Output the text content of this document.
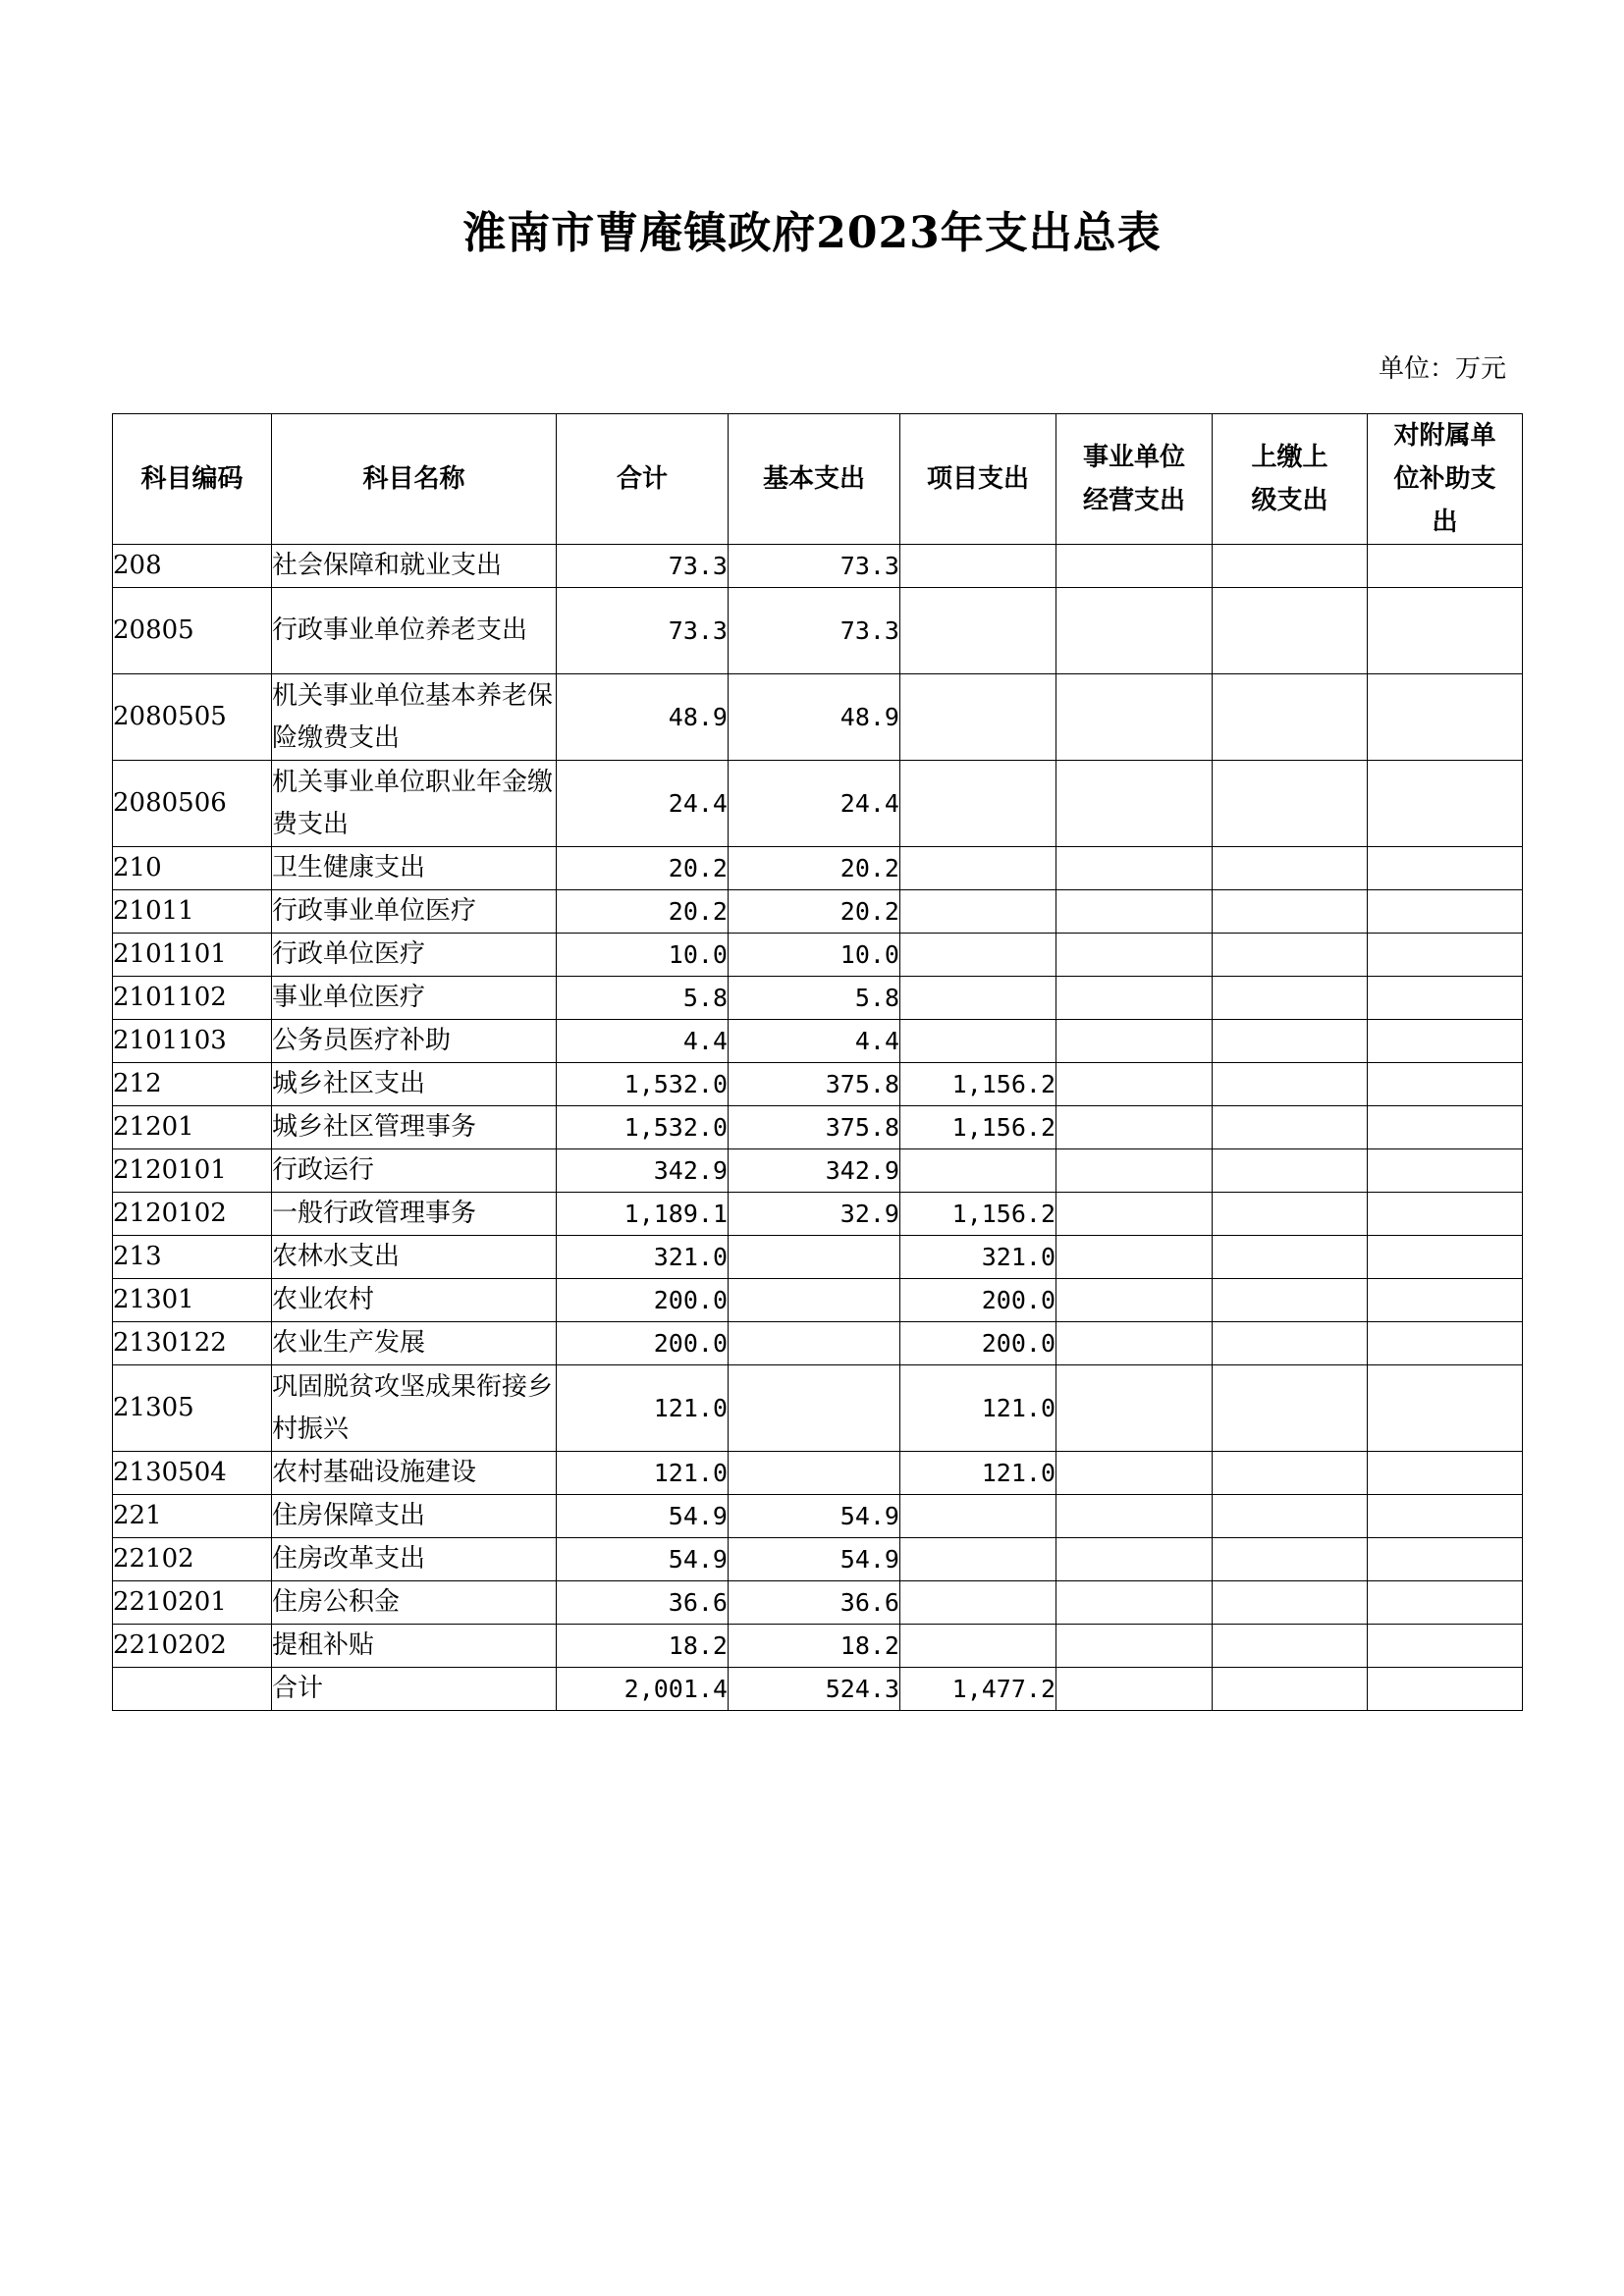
淮南市曹庵镇政府2023年支出总表
单位：万元
科目编码	科目名称	合计	基本支出	项目支出	事业单位经营支出	上缴上级支出	对附属单位补助支出
208	社会保障和就业支出	73.3	73.3				
20805	行政事业单位养老支出	73.3	73.3				
2080505	机关事业单位基本养老保险缴费支出	48.9	48.9				
2080506	机关事业单位职业年金缴费支出	24.4	24.4				
210	卫生健康支出	20.2	20.2				
21011	行政事业单位医疗	20.2	20.2				
2101101	行政单位医疗	10.0	10.0				
2101102	事业单位医疗	5.8	5.8				
2101103	公务员医疗补助	4.4	4.4				
212	城乡社区支出	1,532.0	375.8	1,156.2			
21201	城乡社区管理事务	1,532.0	375.8	1,156.2			
2120101	行政运行	342.9	342.9				
2120102	一般行政管理事务	1,189.1	32.9	1,156.2			
213	农林水支出	321.0		321.0			
21301	农业农村	200.0		200.0			
2130122	农业生产发展	200.0		200.0			
21305	巩固脱贫攻坚成果衔接乡村振兴	121.0		121.0			
2130504	农村基础设施建设	121.0		121.0			
221	住房保障支出	54.9	54.9				
22102	住房改革支出	54.9	54.9				
2210201	住房公积金	36.6	36.6				
2210202	提租补贴	18.2	18.2				
	合计	2,001.4	524.3	1,477.2			
